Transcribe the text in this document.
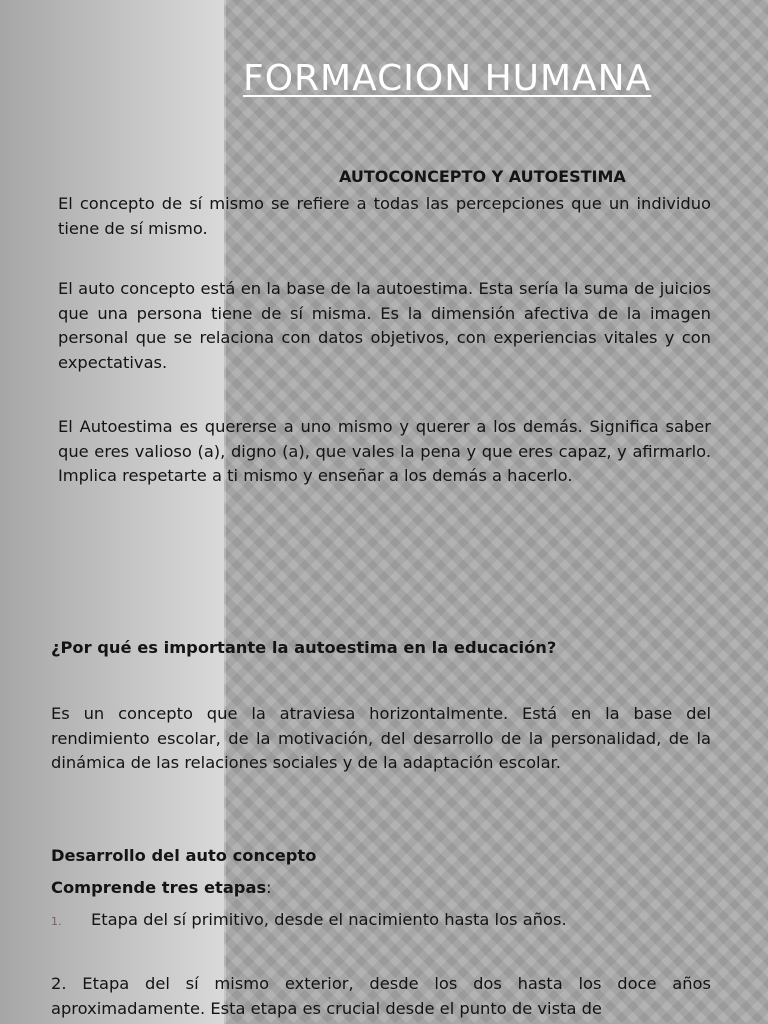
FORMACION HUMANA

AUTOCONCEPTO Y AUTOESTIMA

El concepto de sí mismo se refiere a todas las percepciones que un individuo tiene de sí mismo.

El auto concepto está en la base de la autoestima. Esta sería la suma de juicios que una persona tiene de sí misma. Es la dimensión afectiva de la imagen personal que se relaciona con datos objetivos, con experiencias vitales y con expectativas.

El Autoestima es quererse a uno mismo y querer a los demás. Significa saber que eres valioso (a), digno (a), que vales la pena y que eres capaz, y afirmarlo. Implica respetarte a ti mismo y enseñar a los demás a hacerlo.

¿Por qué es importante la autoestima en la educación?

Es un concepto que la atraviesa horizontalmente. Está en la base del rendimiento escolar, de la motivación, del desarrollo de la personalidad, de la dinámica de las relaciones sociales y de la adaptación escolar.

Desarrollo del auto concepto

Comprende tres etapas:

1. Etapa del sí primitivo, desde el nacimiento hasta los años.

2. Etapa del sí mismo exterior, desde los dos hasta los doce años aproximadamente. Esta etapa es crucial desde el punto de vista de
